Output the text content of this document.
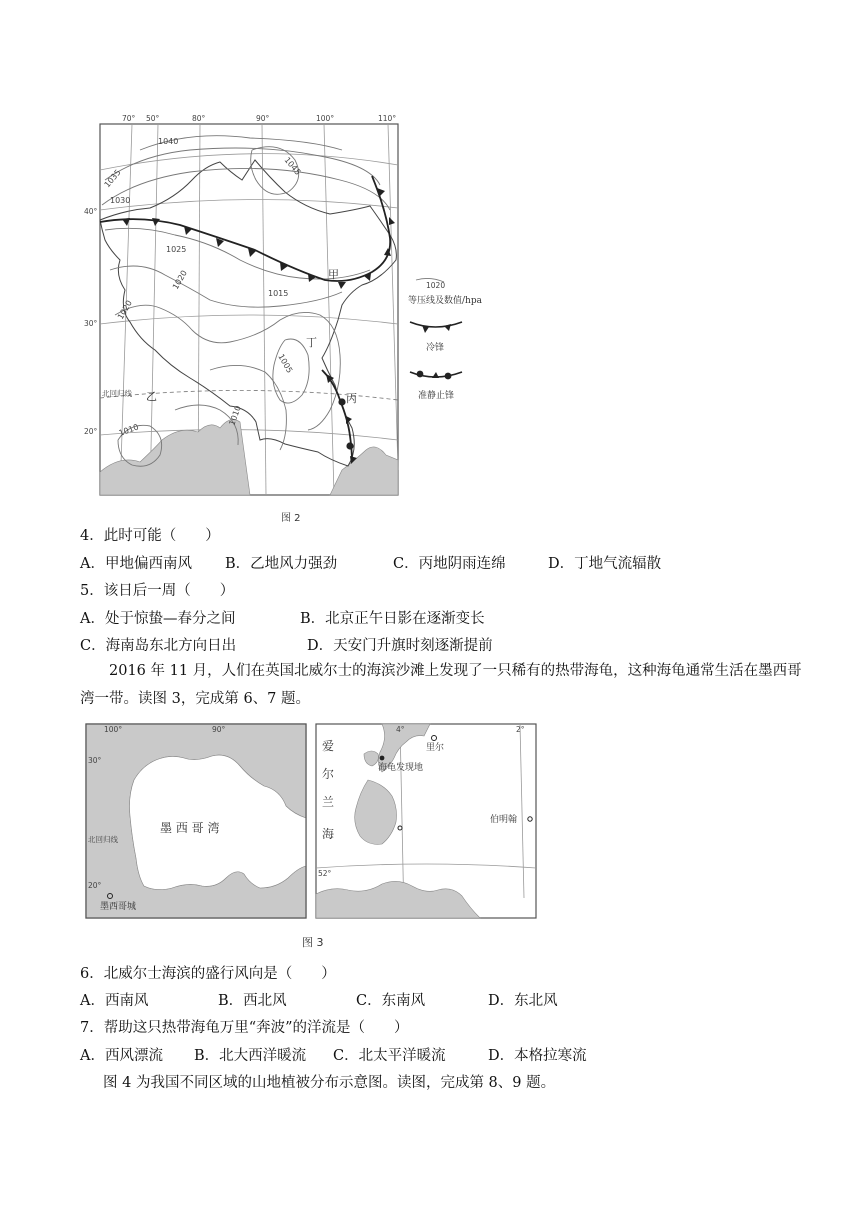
70° 50°	80°	90°	100°	110°
40°
30°
20°
北回归线
1040
1045
1035
1030
1025
1020
1015
1020
1005
1010
1010
甲
乙	丙
丁
1020
等压线及数值/hpa
冷锋
准静止锋
图 2
4．此时可能（　　）
A．甲地偏西南风 B．乙地风力强劲	C．丙地阴雨连绵	D．丁地气流辐散
5．该日后一周（　　）
A．处于惊蛰—春分之间	B．北京正午日影在逐渐变长
C．海南岛东北方向日出	D．天安门升旗时刻逐渐提前
2016 年 11 月，人们在英国北威尔士的海滨沙滩上发现了一只稀有的热带海龟，这种海龟通常生活在墨西哥湾一带。读图 3，完成第 6、7 题。
100°	90°
30°
20°
北回归线
墨 西 哥 湾
墨西哥城
4°	2°
52°
爱
尔
兰
海
里尔
海龟发现地
伯明翰
图 3
6．北威尔士海滨的盛行风向是（　　）
A．西南风	B．西北风	C．东南风	D．东北风
7．帮助这只热带海龟万里“奔波”的洋流是（　　）
A．西风漂流 B．北大西洋暖流 C．北太平洋暖流	D．本格拉寒流
图 4 为我国不同区域的山地植被分布示意图。读图，完成第 8、9 题。
